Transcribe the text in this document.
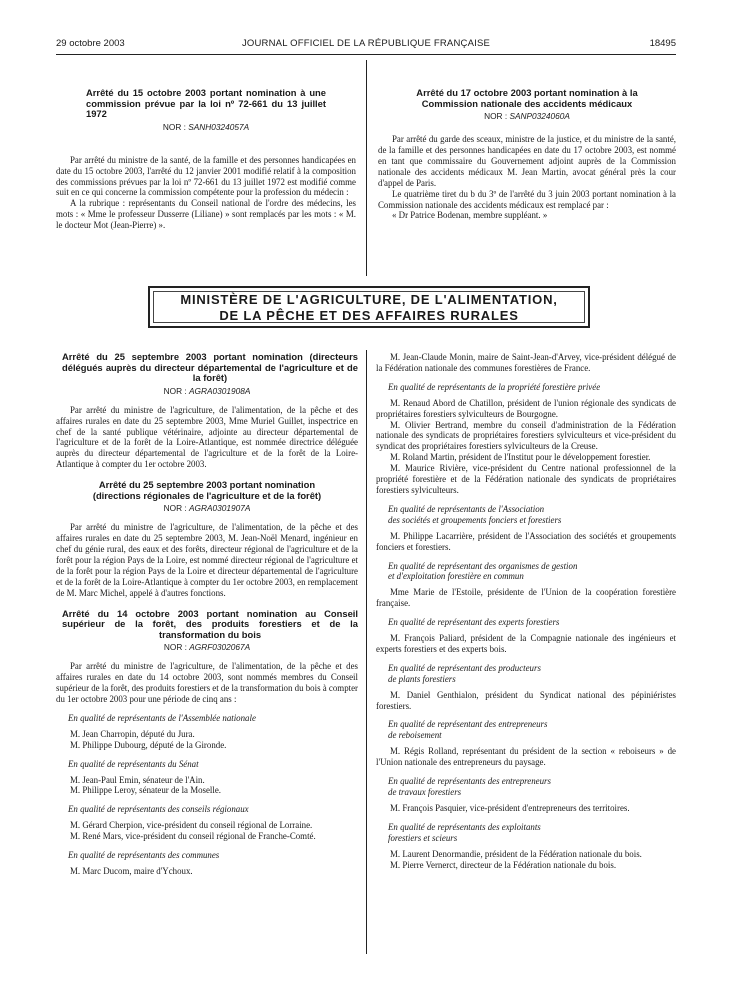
29 octobre 2003	JOURNAL OFFICIEL DE LA RÉPUBLIQUE FRANÇAISE	18495
Arrêté du 15 octobre 2003 portant nomination à une commission prévue par la loi nº 72-661 du 13 juillet 1972
NOR : SANH0324057A

Par arrêté du ministre de la santé, de la famille et des personnes handicapées en date du 15 octobre 2003, l'arrêté du 12 janvier 2001 modifié relatif à la composition des commissions prévues par la loi nº 72-661 du 13 juillet 1972 est modifié comme suit en ce qui concerne la commission compétente pour la profession du médecin :

A la rubrique : représentants du Conseil national de l'ordre des médecins, les mots : « Mme le professeur Dusserre (Liliane) » sont remplacés par les mots : « M. le docteur Mot (Jean-Pierre) ».

Arrêté du 17 octobre 2003 portant nomination à la Commission nationale des accidents médicaux
NOR : SANP0324060A

Par arrêté du garde des sceaux, ministre de la justice, et du ministre de la santé, de la famille et des personnes handicapées en date du 17 octobre 2003, est nommé en tant que commissaire du Gouvernement adjoint auprès de la Commission nationale des accidents médicaux M. Jean Martin, avocat général près la cour d'appel de Paris.

Le quatrième tiret du b du 3º de l'arrêté du 3 juin 2003 portant nomination à la Commission nationale des accidents médicaux est remplacé par :

« Dr Patrice Bodenan, membre suppléant. »

MINISTÈRE DE L'AGRICULTURE, DE L'ALIMENTATION,
DE LA PÊCHE ET DES AFFAIRES RURALES
Arrêté du 25 septembre 2003 portant nomination (directeurs délégués auprès du directeur départemental de l'agriculture et de la forêt)
NOR : AGRA0301908A

Par arrêté du ministre de l'agriculture, de l'alimentation, de la pêche et des affaires rurales en date du 25 septembre 2003, Mme Muriel Guillet, inspectrice en chef de la santé publique vétérinaire, adjointe au directeur départemental de l'agriculture et de la forêt de la Loire-Atlantique, est nommée directrice déléguée auprès du directeur départemental de l'agriculture et de la forêt de la Loire-Atlantique à compter du 1er octobre 2003.

Arrêté du 25 septembre 2003 portant nomination (directions régionales de l'agriculture et de la forêt)
NOR : AGRA0301907A

Par arrêté du ministre de l'agriculture, de l'alimentation, de la pêche et des affaires rurales en date du 25 septembre 2003, M. Jean-Noël Menard, ingénieur en chef du génie rural, des eaux et des forêts, directeur régional de l'agriculture et de la forêt pour la région Pays de la Loire, est nommé directeur régional de l'agriculture et de la forêt pour la région Pays de la Loire et directeur départemental de l'agriculture et de la forêt de la Loire-Atlantique à compter du 1er octobre 2003, en remplacement de M. Marc Michel, appelé à d'autres fonctions.

Arrêté du 14 octobre 2003 portant nomination au Conseil supérieur de la forêt, des produits forestiers et de la transformation du bois
NOR : AGRF0302067A

Par arrêté du ministre de l'agriculture, de l'alimentation, de la pêche et des affaires rurales en date du 14 octobre 2003, sont nommés membres du Conseil supérieur de la forêt, des produits forestiers et de la transformation du bois à compter du 1er octobre 2003 pour une période de cinq ans :

En qualité de représentants de l'Assemblée nationale

M. Jean Charropin, député du Jura.

M. Philippe Dubourg, député de la Gironde.

En qualité de représentants du Sénat

M. Jean-Paul Emin, sénateur de l'Ain.

M. Philippe Leroy, sénateur de la Moselle.

En qualité de représentants des conseils régionaux

M. Gérard Cherpion, vice-président du conseil régional de Lorraine.

M. René Mars, vice-président du conseil régional de Franche-Comté.

En qualité de représentants des communes

M. Marc Ducom, maire d'Ychoux.

M. Jean-Claude Monin, maire de Saint-Jean-d'Arvey, vice-président délégué de la Fédération nationale des communes forestières de France.

En qualité de représentants de la propriété forestière privée

M. Renaud Abord de Chatillon, président de l'union régionale des syndicats de propriétaires forestiers sylviculteurs de Bourgogne.

M. Olivier Bertrand, membre du conseil d'administration de la Fédération nationale des syndicats de propriétaires forestiers sylviculteurs et vice-président du syndicat des propriétaires forestiers sylviculteurs de la Creuse.

M. Roland Martin, président de l'Institut pour le développement forestier.

M. Maurice Rivière, vice-président du Centre national professionnel de la propriété forestière et de la Fédération nationale des syndicats de propriétaires forestiers sylviculteurs.

En qualité de représentants de l'Association

des sociétés et groupements fonciers et forestiers

M. Philippe Lacarrière, président de l'Association des sociétés et groupements fonciers et forestiers.

En qualité de représentant des organismes de gestion

et d'exploitation forestière en commun

Mme Marie de l'Estoile, présidente de l'Union de la coopération forestière française.

En qualité de représentant des experts forestiers

M. François Paliard, président de la Compagnie nationale des ingénieurs et experts forestiers et des experts bois.

En qualité de représentant des producteurs

de plants forestiers

M. Daniel Genthialon, président du Syndicat national des pépiniéristes forestiers.

En qualité de représentant des entrepreneurs

de reboisement

M. Régis Rolland, représentant du président de la section « reboiseurs » de l'Union nationale des entrepreneurs du paysage.

En qualité de représentants des entrepreneurs

de travaux forestiers

M. François Pasquier, vice-président d'entrepreneurs des territoires.

En qualité de représentants des exploitants

forestiers et scieurs

M. Laurent Denormandie, président de la Fédération nationale du bois.

M. Pierre Vernerct, directeur de la Fédération nationale du bois.
